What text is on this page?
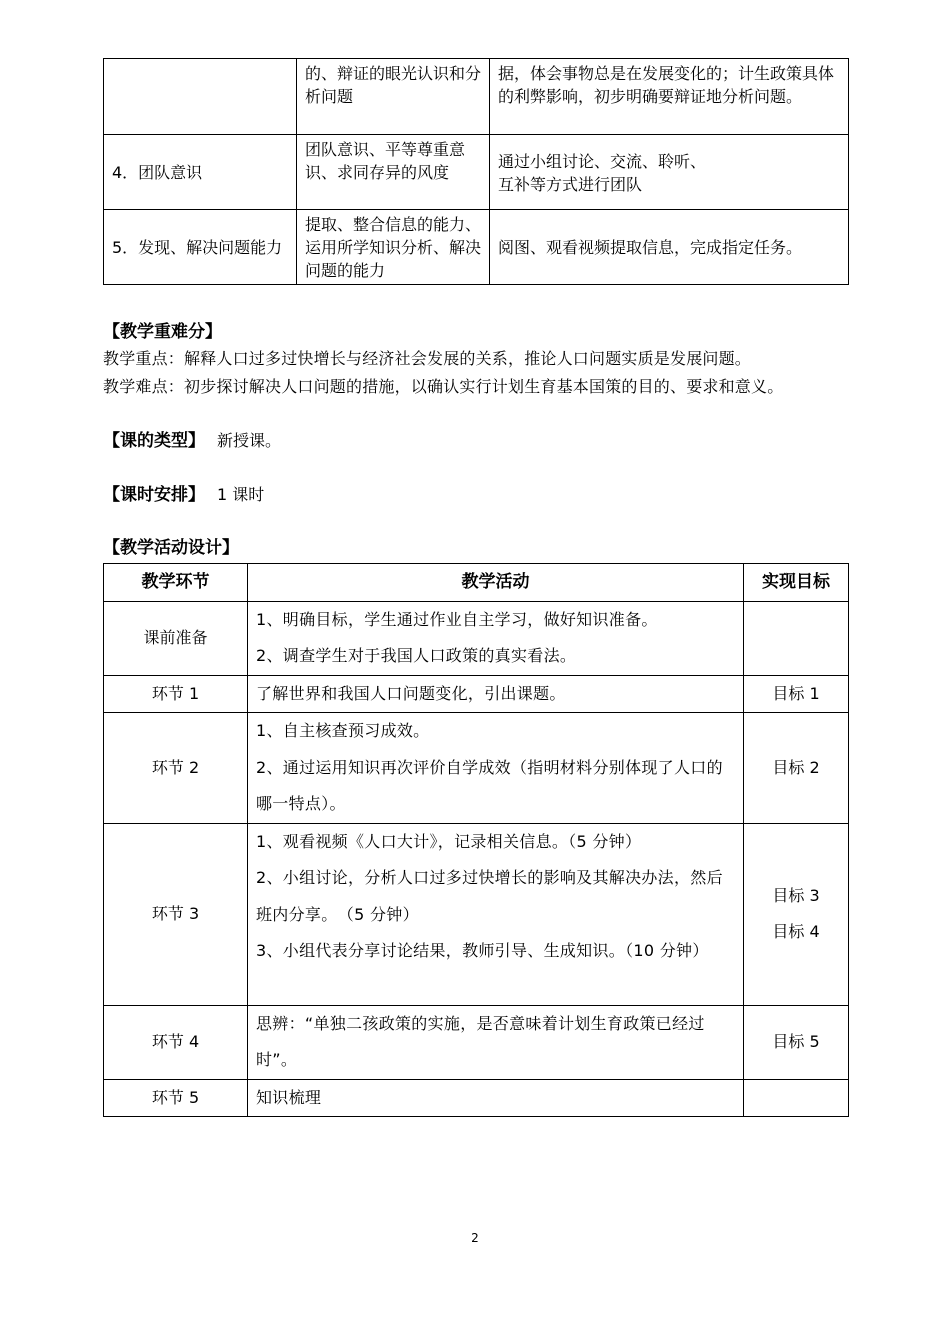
	的、辩证的眼光认识和分析问题	据，体会事物总是在发展变化的；计生政策具体的利弊影响，初步明确要辩证地分析问题。
4．团队意识	团队意识、平等尊重意识、求同存异的风度	通过小组讨论、交流、聆听、
互补等方式进行团队
5．发现、解决问题能力	提取、整合信息的能力、运用所学知识分析、解决问题的能力	阅图、观看视频提取信息，完成指定任务。
【教学重难分】
教学重点：解释人口过多过快增长与经济社会发展的关系，推论人口问题实质是发展问题。
教学难点：初步探讨解决人口问题的措施，以确认实行计划生育基本国策的目的、要求和意义。
【课的类型】 新授课。
【课时安排】 1 课时
【教学活动设计】
教学环节	教学活动	实现目标
课前准备	1、明确目标，学生通过作业自主学习，做好知识准备。
2、调查学生对于我国人口政策的真实看法。	
环节 1	了解世界和我国人口问题变化，引出课题。	目标 1
环节 2	1、自主核查预习成效。
2、通过运用知识再次评价自学成效（指明材料分别体现了人口的哪一特点）。	目标 2
环节 3	1、观看视频《人口大计》，记录相关信息。（5 分钟）
2、小组讨论，分析人口过多过快增长的影响及其解决办法，然后班内分享。　（5 分钟）
3、小组代表分享讨论结果，教师引导、生成知识。（10 分钟）	目标 3
目标 4
环节 4	思辨：“单独二孩政策的实施，是否意味着计划生育政策已经过时”。	目标 5
环节 5	知识梳理	
2
